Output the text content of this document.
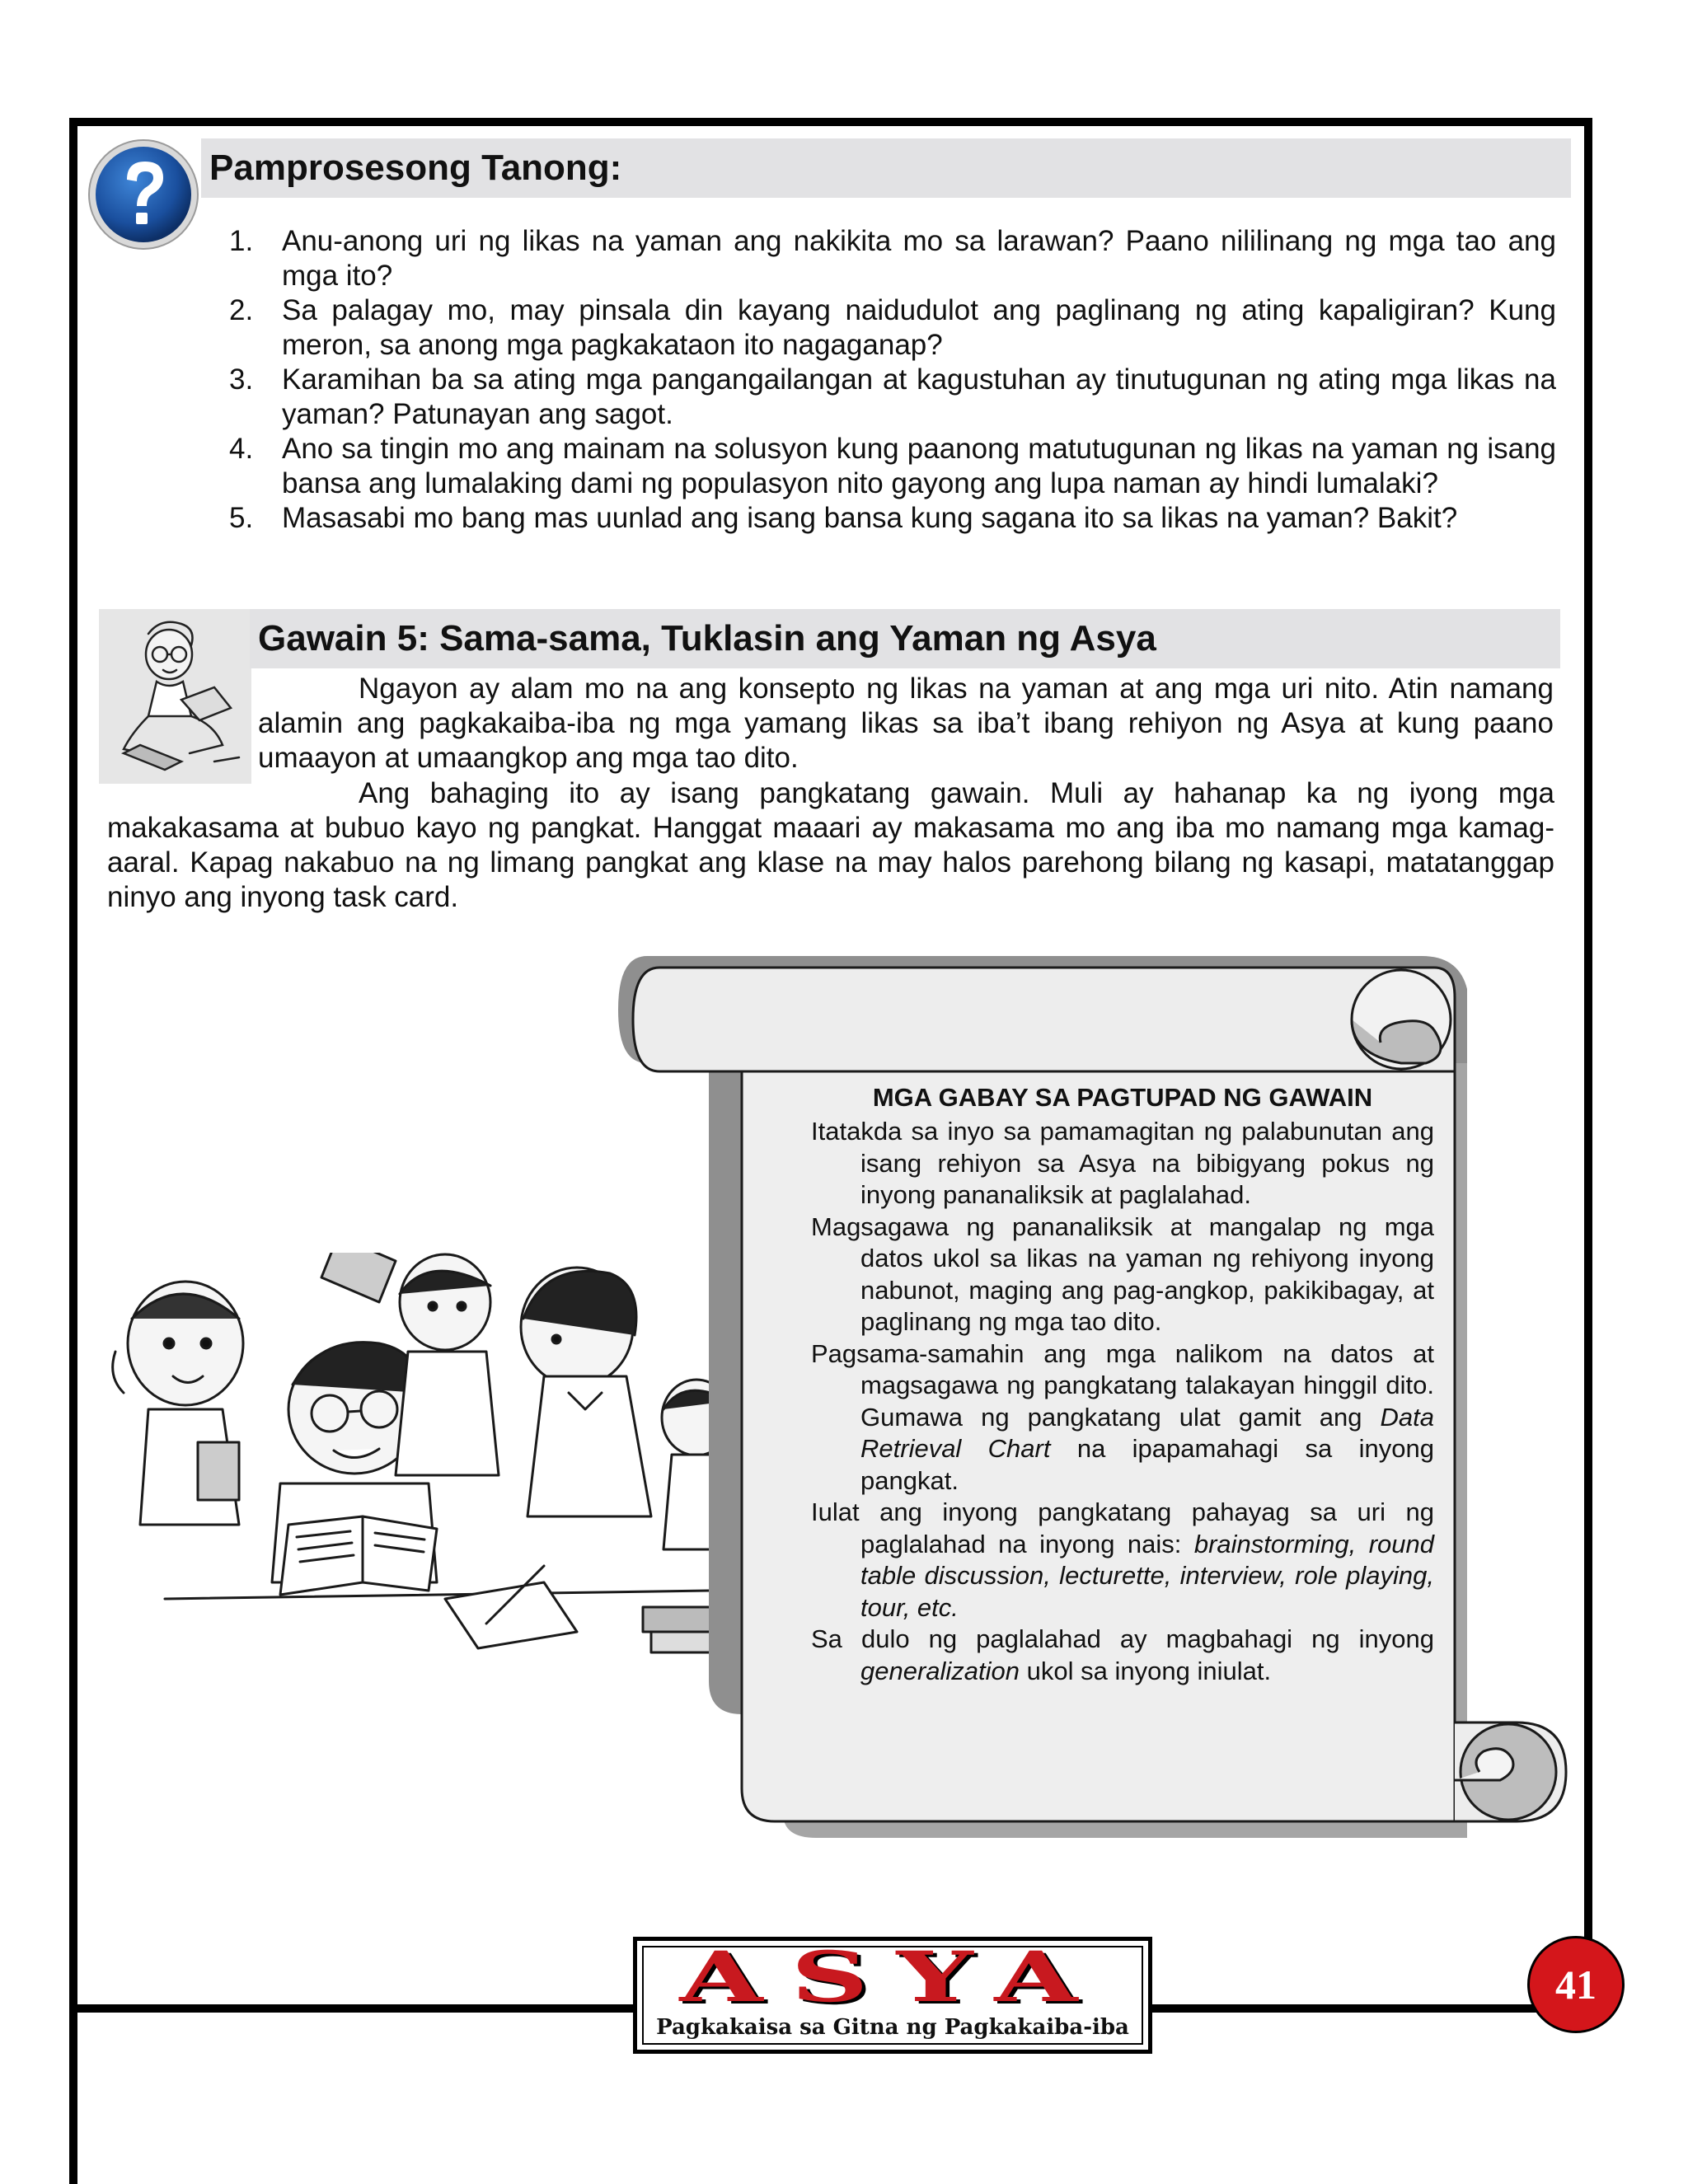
Pamprosesong Tanong:
1. Anu-anong uri ng likas na yaman ang nakikita mo sa larawan? Paano nililinang ng mga tao ang mga ito?
2. Sa palagay mo, may pinsala din kayang naidudulot ang paglinang ng ating kapaligiran? Kung meron, sa anong mga pagkakataon ito nagaganap?
3. Karamihan ba sa ating mga pangangailangan at kagustuhan ay tinutugunan ng ating mga likas na yaman? Patunayan ang sagot.
4. Ano sa tingin mo ang mainam na solusyon kung paanong matutugunan ng likas na yaman ng isang bansa ang lumalaking dami ng populasyon nito gayong ang lupa naman ay hindi lumalaki?
5. Masasabi mo bang mas uunlad ang isang bansa kung sagana ito sa likas na yaman? Bakit?
Gawain 5: Sama-sama, Tuklasin ang Yaman ng Asya

Ngayon ay alam mo na ang konsepto ng likas na yaman at ang mga uri nito. Atin namang alamin ang pagkakaiba-iba ng mga yamang likas sa iba’t ibang rehiyon ng Asya at kung paano umaayon at umaangkop ang mga tao dito.

Ang bahaging ito ay isang pangkatang gawain. Muli ay hahanap ka ng iyong mga makakasama at bubuo kayo ng pangkat. Hanggat maaari ay makasama mo ang iba mo namang mga kamag-aaral. Kapag nakabuo na ng limang pangkat ang klase na may halos parehong bilang ng kasapi, matatanggap ninyo ang inyong task card.

MGA GABAY SA PAGTUPAD NG GAWAIN

Itatakda sa inyo sa pamamagitan ng palabunutan ang isang rehiyon sa Asya na bibigyang pokus ng inyong pananaliksik at paglalahad.

Magsagawa ng pananaliksik at mangalap ng mga datos ukol sa likas na yaman ng rehiyong inyong nabunot, maging ang pag-angkop, pakikibagay, at paglinang ng mga tao dito.

Pagsama-samahin ang mga nalikom na datos at magsagawa ng pangkatang talakayan hinggil dito. Gumawa ng pangkatang ulat gamit ang Data Retrieval Chart na ipapamahagi sa inyong pangkat.

Iulat ang inyong pangkatang pahayag sa uri ng paglalahad na inyong nais: brainstorming, round table discussion, lecturette, interview, role playing, tour, etc.

Sa dulo ng paglalahad ay magbahagi ng inyong generalization ukol sa inyong iniulat.

ASYA
Pagkakaisa sa Gitna ng Pagkakaiba-iba
41
